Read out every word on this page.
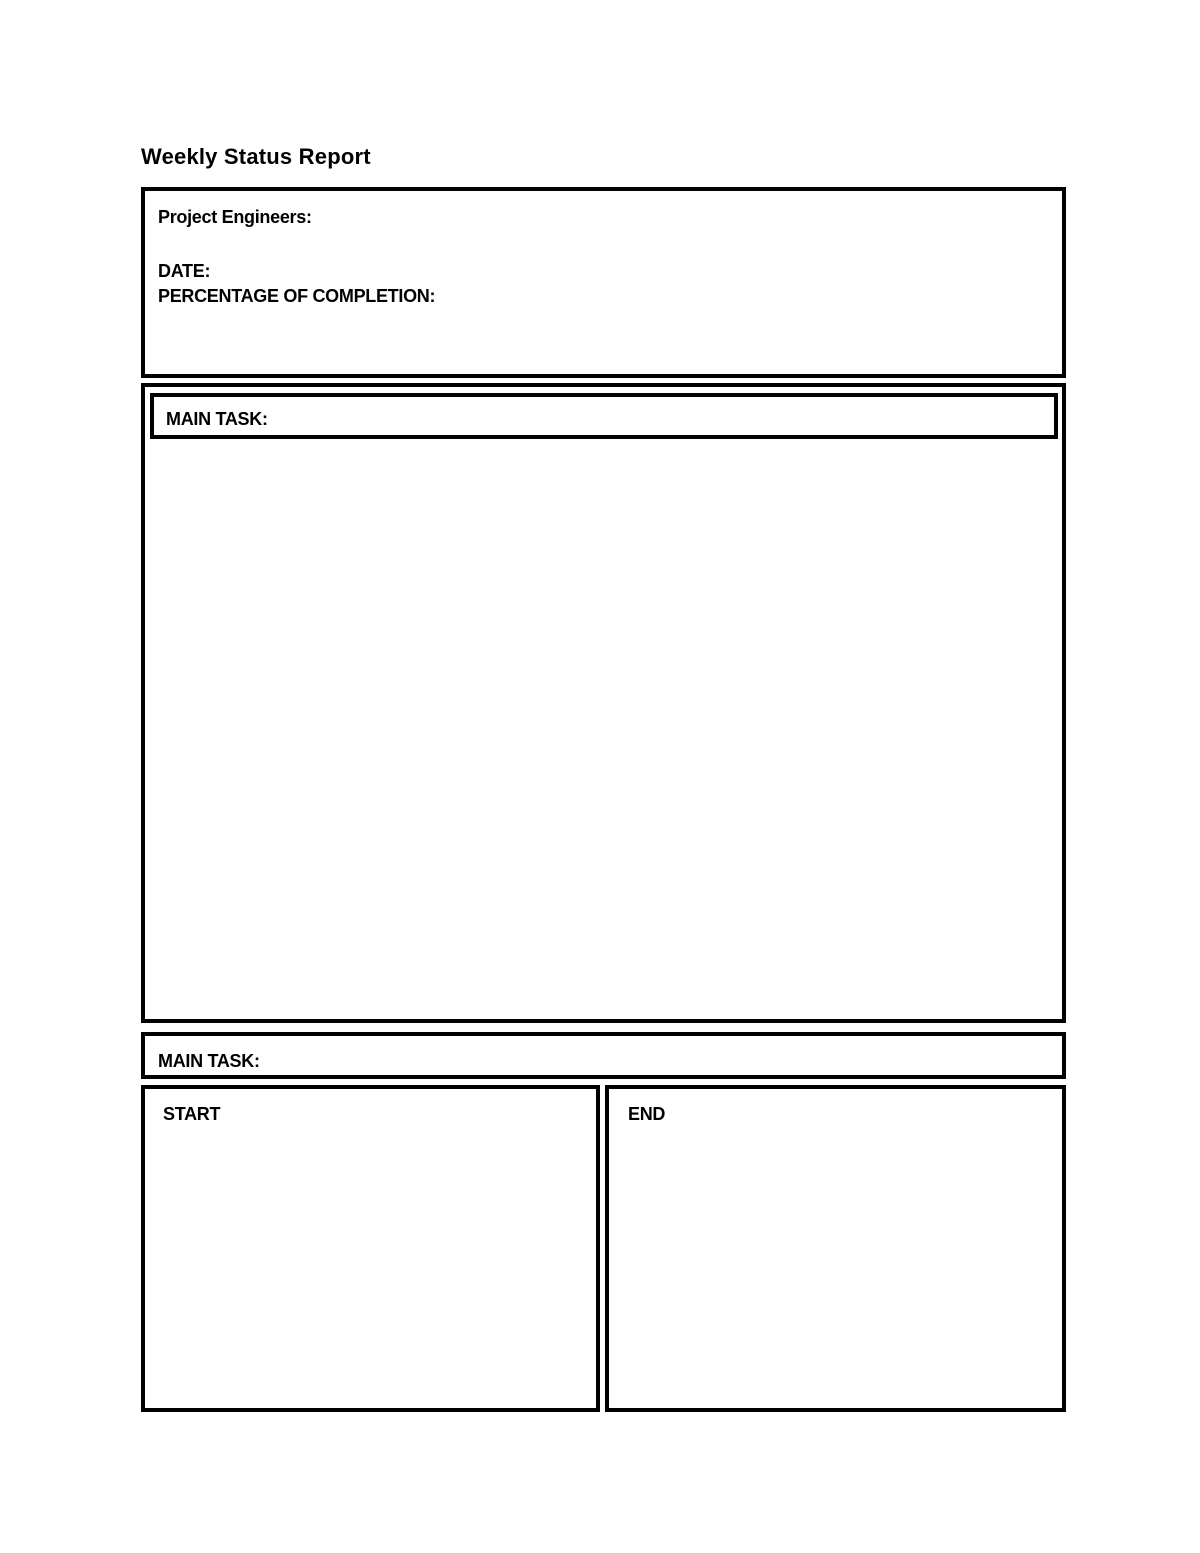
Weekly Status Report
Project Engineers:
DATE:
PERCENTAGE OF COMPLETION:
MAIN TASK:
MAIN TASK:
START	END
